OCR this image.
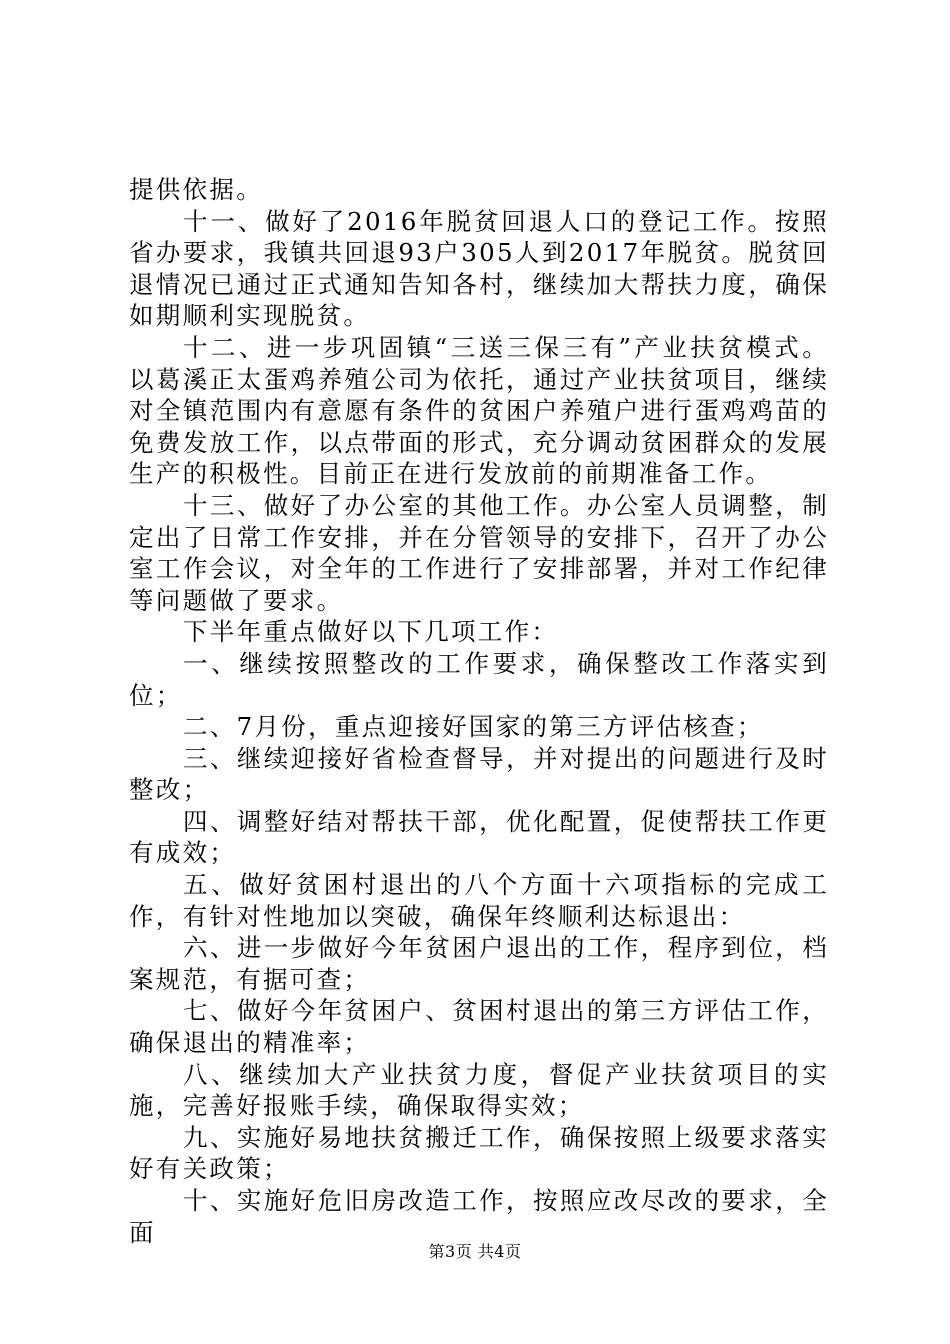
提供依据。

十一、做好了2016年脱贫回退人口的登记工作。按照省办要求，我镇共回退93户305人到2017年脱贫。脱贫回退情况已通过正式通知告知各村，继续加大帮扶力度，确保如期顺利实现脱贫。

十二、进一步巩固镇“三送三保三有”产业扶贫模式。以葛溪正太蛋鸡养殖公司为依托，通过产业扶贫项目，继续对全镇范围内有意愿有条件的贫困户养殖户进行蛋鸡鸡苗的免费发放工作，以点带面的形式，充分调动贫困群众的发展生产的积极性。目前正在进行发放前的前期准备工作。

十三、做好了办公室的其他工作。办公室人员调整，制定出了日常工作安排，并在分管领导的安排下，召开了办公室工作会议，对全年的工作进行了安排部署，并对工作纪律等问题做了要求。

下半年重点做好以下几项工作：

一、继续按照整改的工作要求，确保整改工作落实到位；

二、7月份，重点迎接好国家的第三方评估核查；

三、继续迎接好省检查督导，并对提出的问题进行及时整改；

四、调整好结对帮扶干部，优化配置，促使帮扶工作更有成效；

五、做好贫困村退出的八个方面十六项指标的完成工作，有针对性地加以突破，确保年终顺利达标退出：

六、进一步做好今年贫困户退出的工作，程序到位，档案规范，有据可查；

七、做好今年贫困户、贫困村退出的第三方评估工作，确保退出的精准率；

八、继续加大产业扶贫力度，督促产业扶贫项目的实施，完善好报账手续，确保取得实效；

九、实施好易地扶贫搬迁工作，确保按照上级要求落实好有关政策；

十、实施好危旧房改造工作，按照应改尽改的要求，全面

第3页 共4页
